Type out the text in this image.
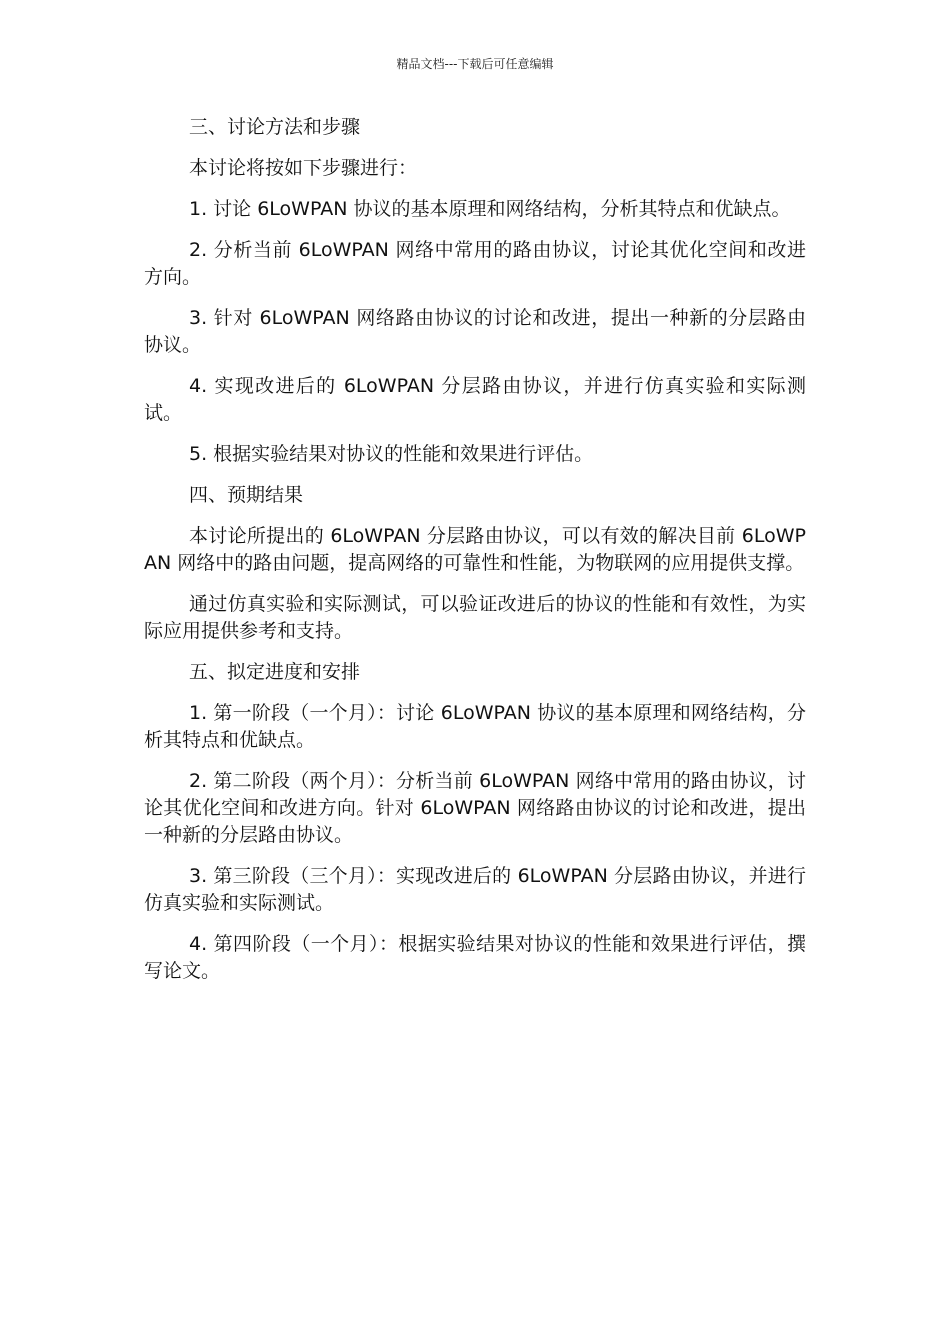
精品文档---下载后可任意编辑

三、讨论方法和步骤

本讨论将按如下步骤进行：

1. 讨论 6LoWPAN 协议的基本原理和网络结构，分析其特点和优缺点。

2. 分析当前 6LoWPAN 网络中常用的路由协议，讨论其优化空间和改进方向。

3. 针对 6LoWPAN 网络路由协议的讨论和改进，提出一种新的分层路由协议。

4. 实现改进后的 6LoWPAN 分层路由协议，并进行仿真实验和实际测试。

5. 根据实验结果对协议的性能和效果进行评估。

四、预期结果

本讨论所提出的 6LoWPAN 分层路由协议，可以有效的解决目前 6LoWPAN 网络中的路由问题，提高网络的可靠性和性能，为物联网的应用提供支撑。

通过仿真实验和实际测试，可以验证改进后的协议的性能和有效性，为实际应用提供参考和支持。

五、拟定进度和安排

1. 第一阶段（一个月）：讨论 6LoWPAN 协议的基本原理和网络结构，分析其特点和优缺点。

2. 第二阶段（两个月）：分析当前 6LoWPAN 网络中常用的路由协议，讨论其优化空间和改进方向。针对 6LoWPAN 网络路由协议的讨论和改进，提出一种新的分层路由协议。

3. 第三阶段（三个月）：实现改进后的 6LoWPAN 分层路由协议，并进行仿真实验和实际测试。

4. 第四阶段（一个月）：根据实验结果对协议的性能和效果进行评估，撰写论文。
